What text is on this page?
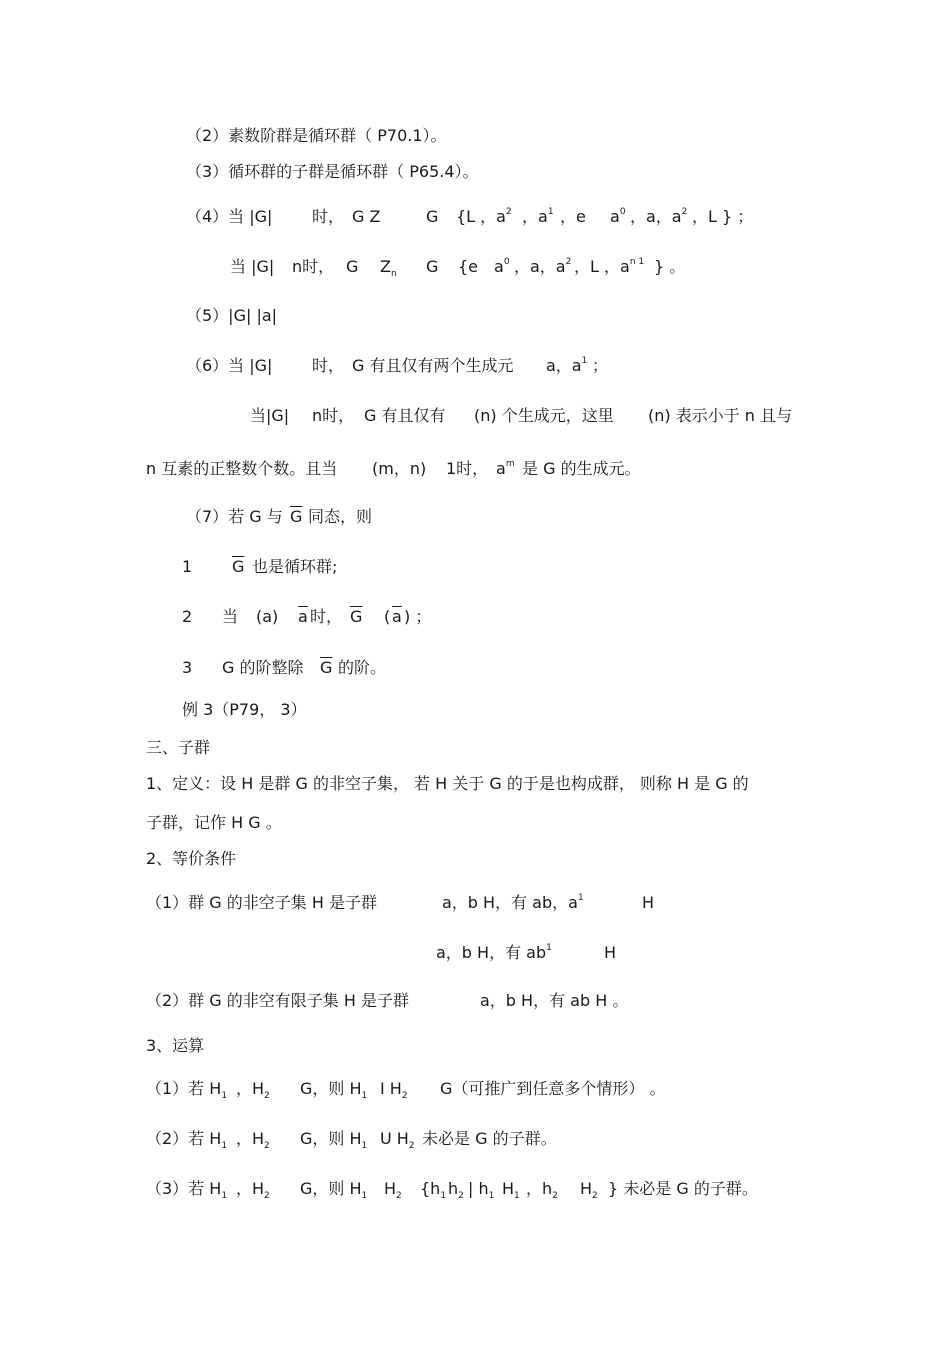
（2）素数阶群是循环群（ P70.1）。
（3）循环群的子群是循环群（ P65.4）。
（4）当 |G| 时， G Z	G {L ，$a^2$ ，$a^1$ ，e $a^0$ ，a，$a^2$ ，L } ；
当 |G| n时， G $Z_n$ G {e $a^0$ ，a，$a^2$ ，L ，$a^{n 1}$ } 。
（5）|G| |a|
（6）当 |G| 时， G 有且仅有两个生成元 a，$a^1$ ；
当|G| n时， G 有且仅有 (n) 个生成元，这里 (n) 表示小于 n 且与
n 互素的正整数个数。且当 (m，n) 1时， $a^m$ 是 G 的生成元。
（7）若 G 与 $\overline{G}$ 同态，则
1 $\overline{G}$ 也是循环群;
2 当 (a) $\overline{a}$ 时， $\overline{G}$ ( $\overline{a}$ ) ；
3 G 的阶整除 $\overline{G}$ 的阶。
例 3（P79， 3）
三、子群
1、定义：设 H 是群 G 的非空子集， 若 H 关于 G 的于是也构成群， 则称 H 是 G 的
子群，记作 H G 。
2、等价条件
（1）群 G 的非空子集 H 是子群	a，b H，有 ab，$a^1$	H
a，b H，有 $ab^1$	H
（2）群 G 的非空有限子集 H 是子群	a，b H，有 ab H 。
3、运算
（1）若 $H_1$ ，$H_2$ G，则 $H_1$ I $H_2$ G（可推广到任意多个情形） 。
（2）若 $H_1$ ，$H_2$ G，则 $H_1$ U $H_2$ 未必是 G 的子群。
（3）若 $H_1$ ，$H_2$ G，则 $H_1$ $H_2$ {$h_1$ $h_2$ | $h_1$ $H_1$ ，$h_2$ $H_2$ } 未必是 G 的子群。
